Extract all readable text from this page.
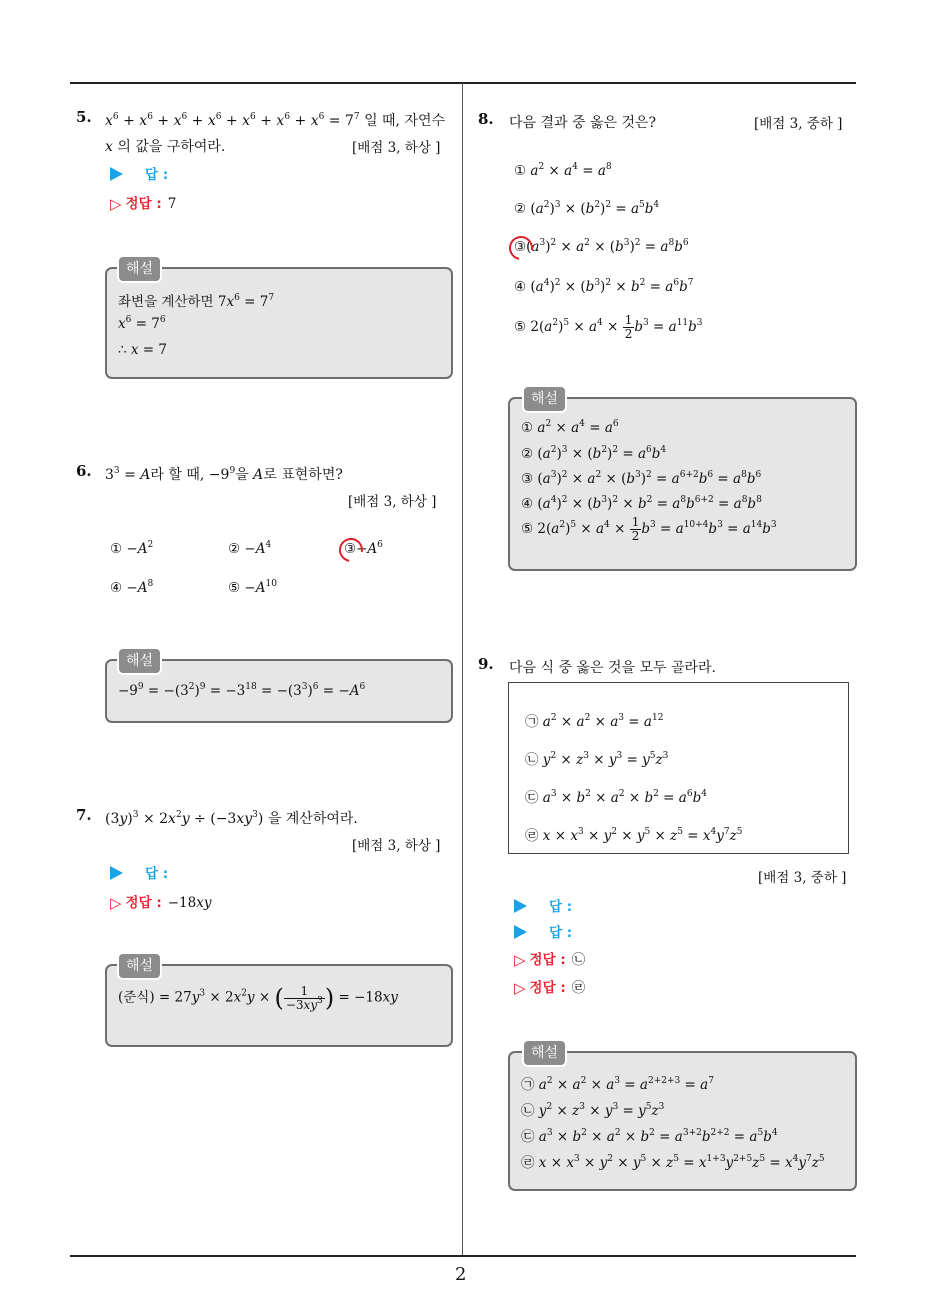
2
5. $x^6 + x^6 + x^6 + x^6 + x^6 + x^6 + x^6 = 7^7$ 일 때, 자연수
x 의 값을 구하여라.	[배점 3, 하상 ]
답 :
▷ 정답 : 7
해설
좌변을 계산하면 $7x^6 = 7^7$
$x^6 = 7^6$
∴ x = 7
6. $3^3 = A$라 할 때, $-9^9$을 A로 표현하면?
[배점 3, 하상 ]
① $-A^2$	② $-A^4$	$③-A^6$
④ $-A^8$	⑤ $-A^{10}$
해설
$-9^9 = -(3^2)^9 = -3^{18} = -(3^3)^6 = -A^6$
7. $(3y)^3 \times 2x^2y \div (-3xy^3)$ 을 계산하여라.
[배점 3, 하상 ]
답 :
▷ 정답 : −18xy
해설
(준식) = $27y^3 \times 2x^2y$ × ( $\frac{1}{-3xy^3}$ ) = −18xy
8. 다음 결과 중 옳은 것은?	[배점 3, 중하 ]
① $a^2 \times a^4 = a^8$
② $(a^2)^3 \times (b^2)^2 = a^5b^4$
$③(a^3)^2 \times a^2 \times (b^3)^2 = a^8b^6$
④ $(a^4)^2 \times (b^3)^2 \times b^2 = a^6b^7$
⑤ $2(a^2)^5 \times a^4 \times \frac{1}{2} b^3 = a^{11}b^3$
해설
① $a^2 \times a^4 = a^6$
② $(a^2)^3 \times (b^2)^2 = a^6b^4$
③ $(a^3)^2 \times a^2 \times (b^3)^2 = a^{6+2}b^6 = a^8b^6$
④ $(a^4)^2 \times (b^3)^2 \times b^2 = a^8b^{6+2} = a^8b^8$
⑤ $2(a^2)^5 \times a^4 \times \frac{1}{2} b^3 = a^{10+4}b^3 = a^{14}b^3$
9. 다음 식 중 옳은 것을 모두 골라라.
㉠ $a^2 \times a^2 \times a^3 = a^{12}$
㉡ $y^2 \times z^3 \times y^3 = y^5z^3$
㉢ $a^3 \times b^2 \times a^2 \times b^2 = a^6b^4$
㉣ $x \times x^3 \times y^2 \times y^5 \times z^5 = x^4y^7z^5$
[배점 3, 중하 ]
답 :
답 :
▷ 정답 : ㉡
▷ 정답 : ㉣
해설
㉠ $a^2 \times a^2 \times a^3 = a^{2+2+3} = a^7$
㉡ $y^2 \times z^3 \times y^3 = y^5z^3$
㉢ $a^3 \times b^2 \times a^2 \times b^2 = a^{3+2}b^{2+2} = a^5b^4$
㉣ $x \times x^3 \times y^2 \times y^5 \times z^5 = x^{1+3}y^{2+5}z^5 = x^4y^7z^5$
